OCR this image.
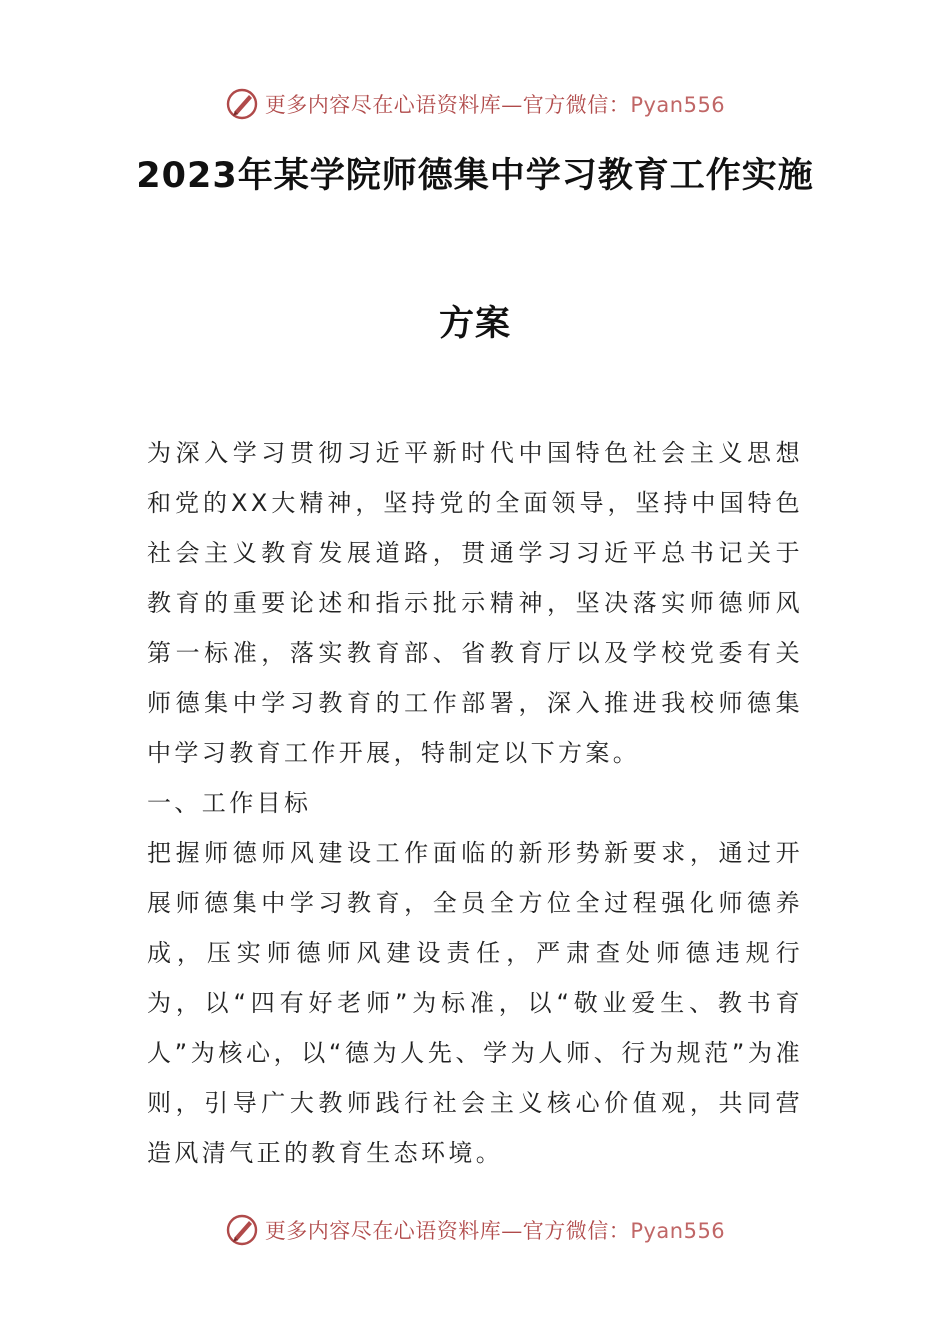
更多内容尽在心语资料库—官方微信：Pyan556
2023年某学院师德集中学习教育工作实施
方案

为深入学习贯彻习近平新时代中国特色社会主义思想和党的XX大精神，坚持党的全面领导，坚持中国特色社会主义教育发展道路，贯通学习习近平总书记关于教育的重要论述和指示批示精神，坚决落实师德师风第一标准，落实教育部、省教育厅以及学校党委有关师德集中学习教育的工作部署，深入推进我校师德集中学习教育工作开展，特制定以下方案。

一、工作目标

把握师德师风建设工作面临的新形势新要求，通过开展师德集中学习教育，全员全方位全过程强化师德养成，压实师德师风建设责任，严肃查处师德违规行为，以“四有好老师”为标准，以“敬业爱生、教书育人”为核心，以“德为人先、学为人师、行为规范”为准则，引导广大教师践行社会主义核心价值观，共同营造风清气正的教育生态环境。

更多内容尽在心语资料库—官方微信：Pyan556
